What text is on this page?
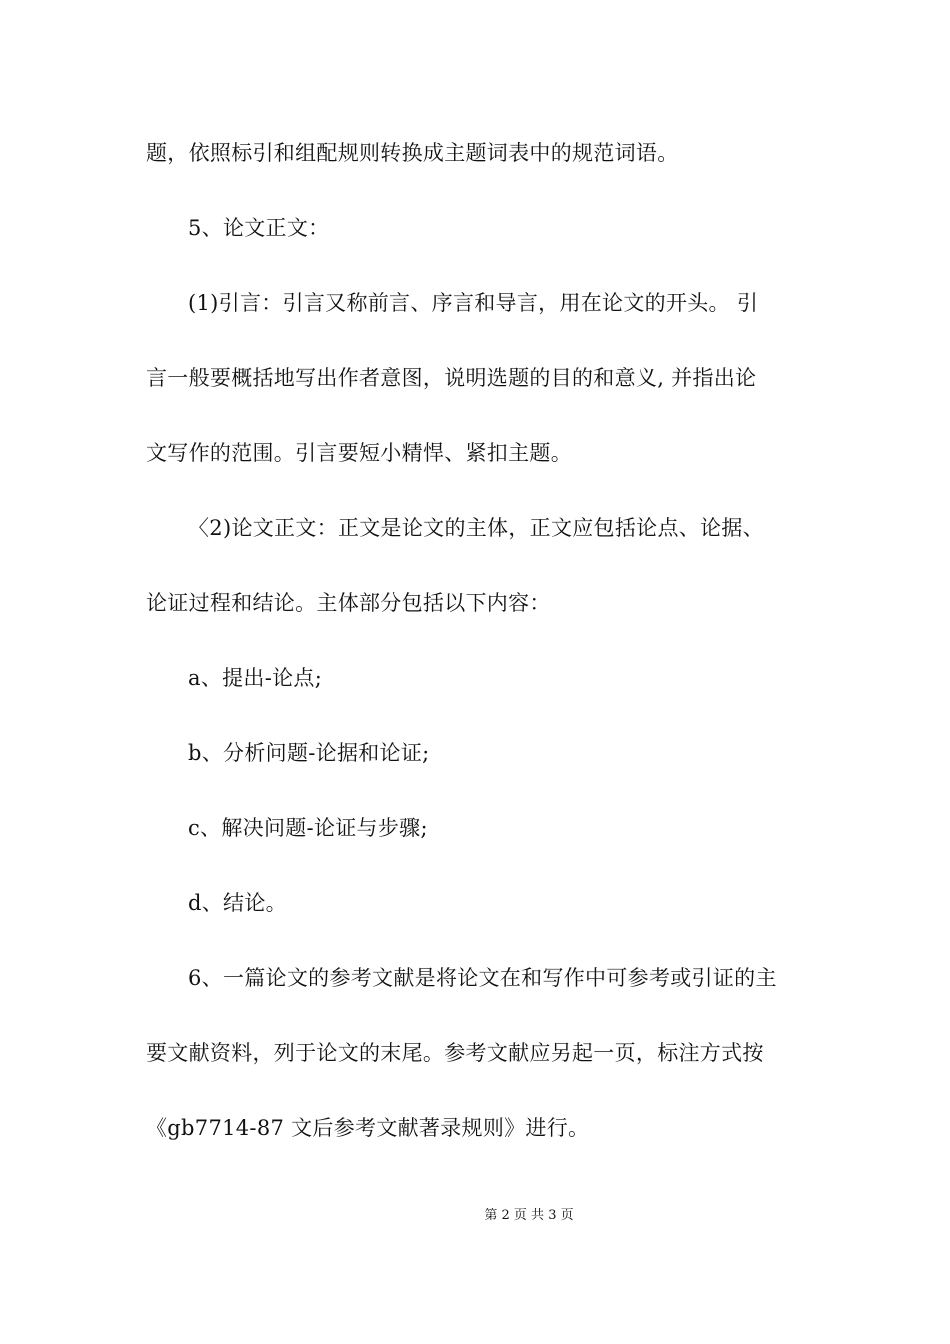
题，依照标引和组配规则转换成主题词表中的规范词语。
5、论文正文：
(1)引言：引言又称前言、序言和导言，用在论文的开头。 引
言一般要概括地写出作者意图，说明选题的目的和意义, 并指出论
文写作的范围。引言要短小精悍、紧扣主题。
〈2)论文正文：正文是论文的主体，正文应包括论点、论据、
论证过程和结论。主体部分包括以下内容：
a、提出-论点;
b、分析问题-论据和论证;
c、解决问题-论证与步骤;
d、结论。
6、一篇论文的参考文献是将论文在和写作中可参考或引证的主
要文献资料，列于论文的末尾。参考文献应另起一页，标注方式按
《gb7714-87 文后参考文献著录规则》进行。
第 2 页 共 3 页
